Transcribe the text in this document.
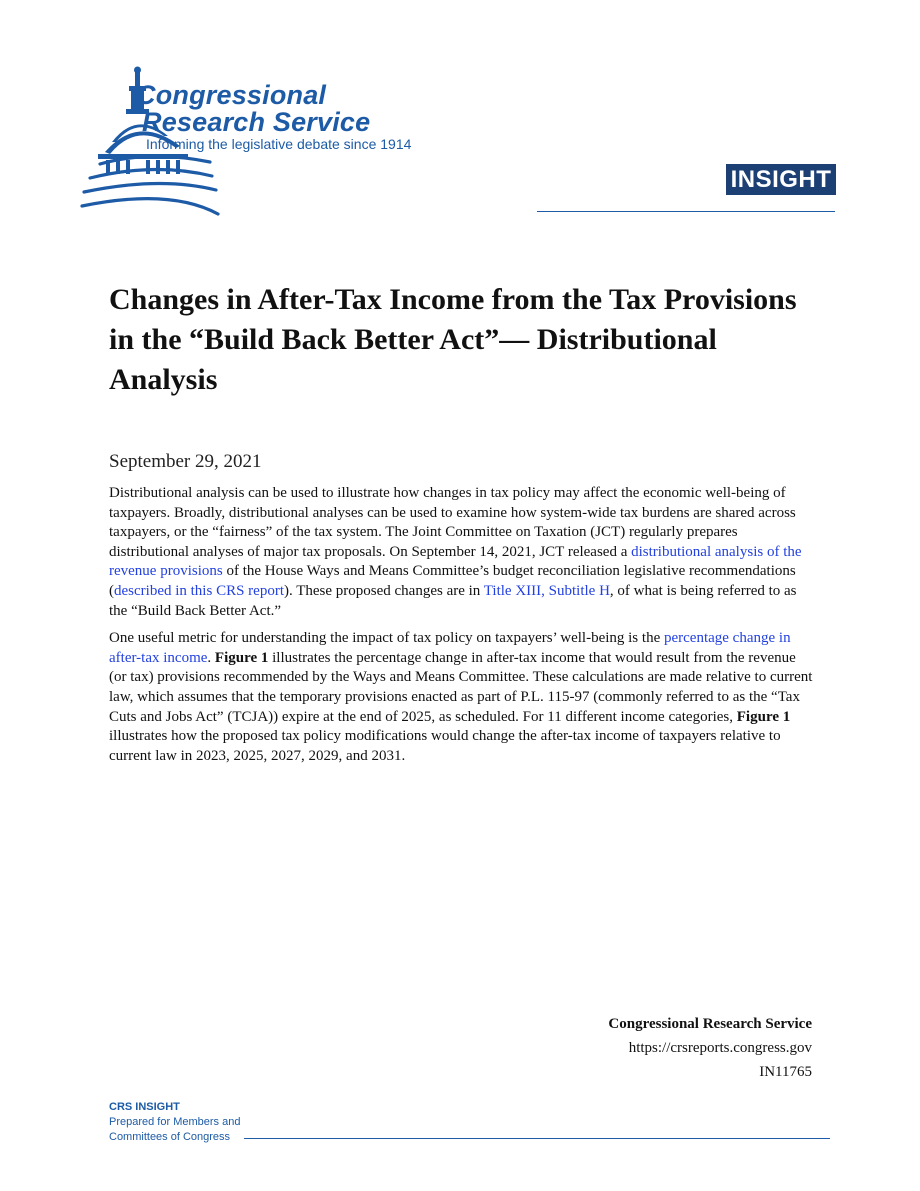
Congressional
Research Service
Informing the legislative debate since 1914
INSIGHT
Changes in After-Tax Income from the Tax Provisions in the “Build Back Better Act”— Distributional Analysis
September 29, 2021

Distributional analysis can be used to illustrate how changes in tax policy may affect the economic well-being of taxpayers. Broadly, distributional analyses can be used to examine how system-wide tax burdens are shared across taxpayers, or the “fairness” of the tax system. The Joint Committee on Taxation (JCT) regularly prepares distributional analyses of major tax proposals. On September 14, 2021, JCT released a distributional analysis of the revenue provisions of the House Ways and Means Committee’s budget reconciliation legislative recommendations (described in this CRS report). These proposed changes are in Title XIII, Subtitle H, of what is being referred to as the “Build Back Better Act.”

One useful metric for understanding the impact of tax policy on taxpayers’ well-being is the percentage change in after-tax income. Figure 1 illustrates the percentage change in after-tax income that would result from the revenue (or tax) provisions recommended by the Ways and Means Committee. These calculations are made relative to current law, which assumes that the temporary provisions enacted as part of P.L. 115-97 (commonly referred to as the “Tax Cuts and Jobs Act” (TCJA)) expire at the end of 2025, as scheduled. For 11 different income categories, Figure 1 illustrates how the proposed tax policy modifications would change the after-tax income of taxpayers relative to current law in 2023, 2025, 2027, 2029, and 2031.

Congressional Research Service
https://crsreports.congress.gov
IN11765
CRS INSIGHT
Prepared for Members and
Committees of Congress
